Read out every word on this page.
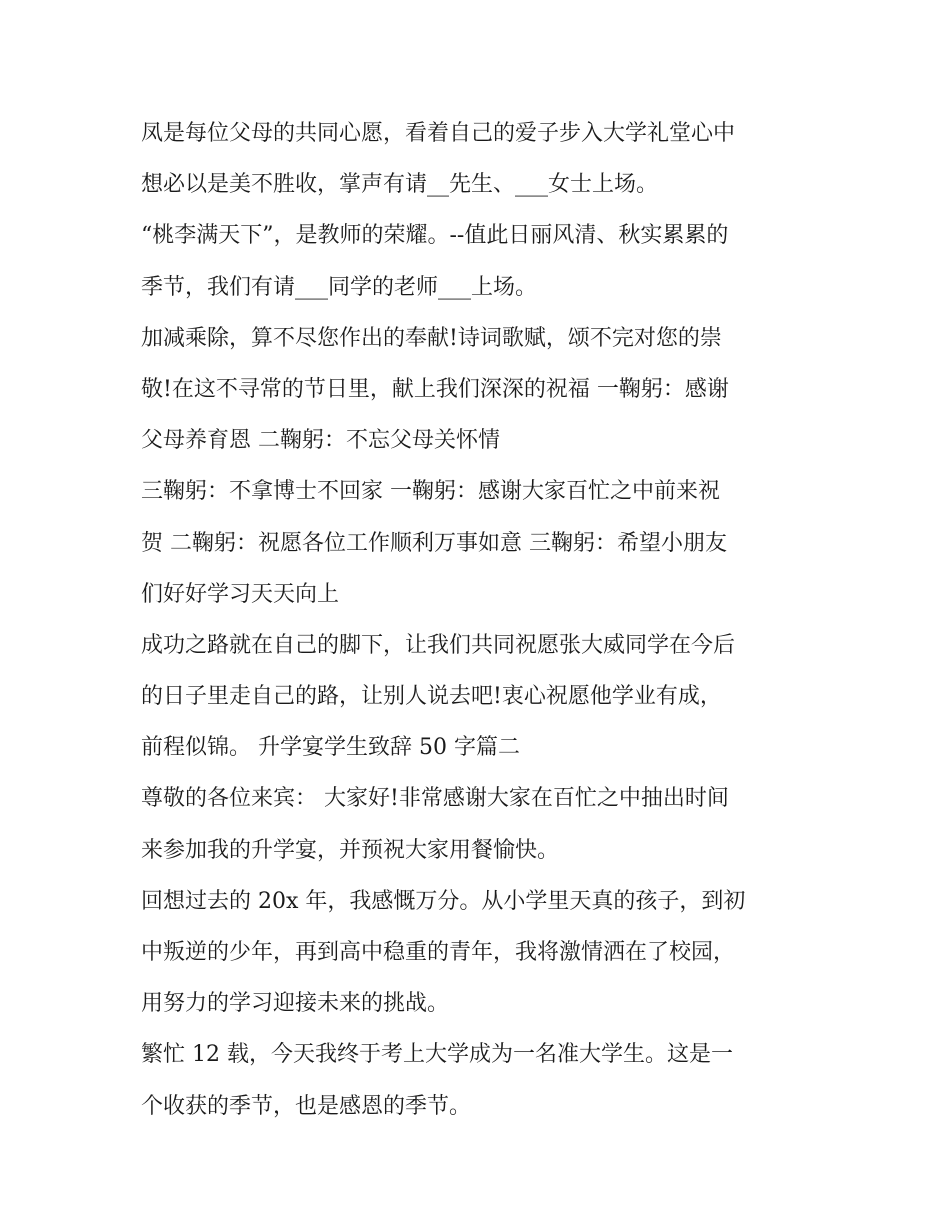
凤是每位父母的共同心愿，看着自己的爱子步入大学礼堂心中
想必以是美不胜收，掌声有请__先生、___女士上场。
“桃李满天下”，是教师的荣耀。--值此日丽风清、秋实累累的
季节，我们有请___同学的老师___上场。
加减乘除，算不尽您作出的奉献!诗词歌赋，颂不完对您的崇
敬!在这不寻常的节日里，献上我们深深的祝福 一鞠躬：感谢
父母养育恩 二鞠躬：不忘父母关怀情
三鞠躬：不拿博士不回家 一鞠躬：感谢大家百忙之中前来祝
贺 二鞠躬：祝愿各位工作顺利万事如意 三鞠躬：希望小朋友
们好好学习天天向上
成功之路就在自己的脚下，让我们共同祝愿张大威同学在今后
的日子里走自己的路，让别人说去吧!衷心祝愿他学业有成，
前程似锦。 升学宴学生致辞 50 字篇二
尊敬的各位来宾： 大家好!非常感谢大家在百忙之中抽出时间
来参加我的升学宴，并预祝大家用餐愉快。
回想过去的 20x 年，我感慨万分。从小学里天真的孩子，到初
中叛逆的少年，再到高中稳重的青年，我将激情洒在了校园，
用努力的学习迎接未来的挑战。
繁忙 12 载，今天我终于考上大学成为一名准大学生。这是一
个收获的季节，也是感恩的季节。
